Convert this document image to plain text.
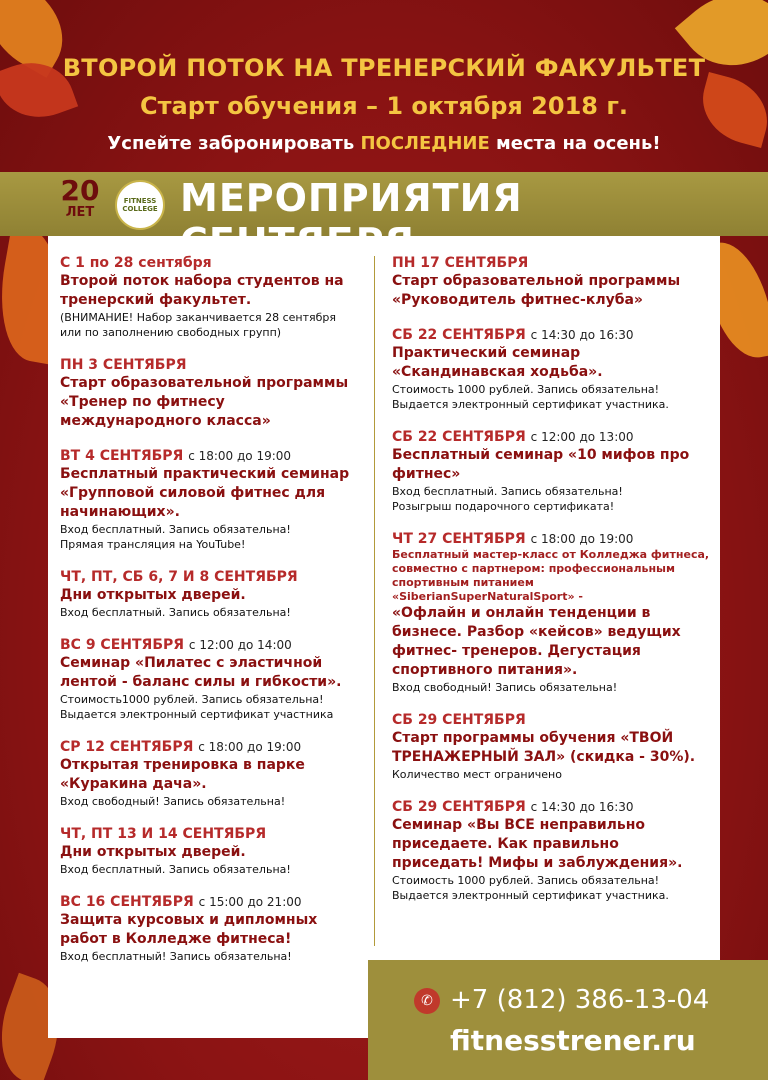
ВТОРОЙ ПОТОК НА ТРЕНЕРСКИЙ ФАКУЛЬТЕТ
Старт обучения – 1 октября 2018 г.
Успейте забронировать ПОСЛЕДНИЕ места на осень!
20
ЛЕТ
FITNESS COLLEGE МЕРОПРИЯТИЯ
С 1 по 28 сентября
Второй поток набора студентов на тренерский факультет.
(ВНИМАНИЕ! Набор заканчивается 28 сентября или по заполнению свободных групп)
ПН 3 СЕНТЯБРЯ
Старт образовательной программы «Тренер по фитнесу международного класса»
ВТ 4 СЕНТЯБРЯ с 18:00 до 19:00
Бесплатный практический семинар «Групповой силовой фитнес для начинающих».
Вход бесплатный. Запись обязательна!
Прямая трансляция на YouTube!
ЧТ, ПТ, СБ 6, 7 И 8 СЕНТЯБРЯ
Дни открытых дверей.
Вход бесплатный. Запись обязательна!
ВС 9 СЕНТЯБРЯ с 12:00 до 14:00
Семинар «Пилатес с эластичной лентой - баланс силы и гибкости».
Стоимость1000 рублей. Запись обязательна!
Выдается электронный сертификат участника
СР 12 СЕНТЯБРЯ с 18:00 до 19:00
Открытая тренировка в парке «Куракина дача».
Вход свободный! Запись обязательна!
ЧТ, ПТ 13 И 14 СЕНТЯБРЯ
Дни открытых дверей.
Вход бесплатный. Запись обязательна!
ВС 16 СЕНТЯБРЯ с 15:00 до 21:00
Защита курсовых и дипломных работ в Колледже фитнеса!
Вход бесплатный! Запись обязательна!
ПН 17 СЕНТЯБРЯ
Старт образовательной программы «Руководитель фитнес-клуба»
СБ 22 СЕНТЯБРЯ с 14:30 до 16:30
Практический семинар «Скандинавская ходьба».
Стоимость 1000 рублей. Запись обязательна!
Выдается электронный сертификат участника.
СБ 22 СЕНТЯБРЯ с 12:00 до 13:00
Бесплатный семинар «10 мифов про фитнес»
Вход бесплатный. Запись обязательна!
Розыгрыш подарочного сертификата!
ЧТ 27 СЕНТЯБРЯ с 18:00 до 19:00
Бесплатный мастер-класс от Колледжа фитнеса, совместно с партнером: профессиональным спортивным питанием «SiberianSuperNaturalSport» -
«Офлайн и онлайн тенденции в бизнесе. Разбор «кейсов» ведущих фитнес- тренеров. Дегустация спортивного питания».
Вход свободный! Запись обязательна!
СБ 29 СЕНТЯБРЯ
Старт программы обучения «ТВОЙ ТРЕНАЖЕРНЫЙ ЗАЛ» (скидка - 30%).
Количество мест ограничено
СБ 29 СЕНТЯБРЯ с 14:30 до 16:30
Семинар «Вы ВСЕ неправильно приседаете. Как правильно приседать! Мифы и заблуждения».
Стоимость 1000 рублей. Запись обязательна!
Выдается электронный сертификат участника.
✆ +7 (812) 386-13-04
fitnesstrener.ru
